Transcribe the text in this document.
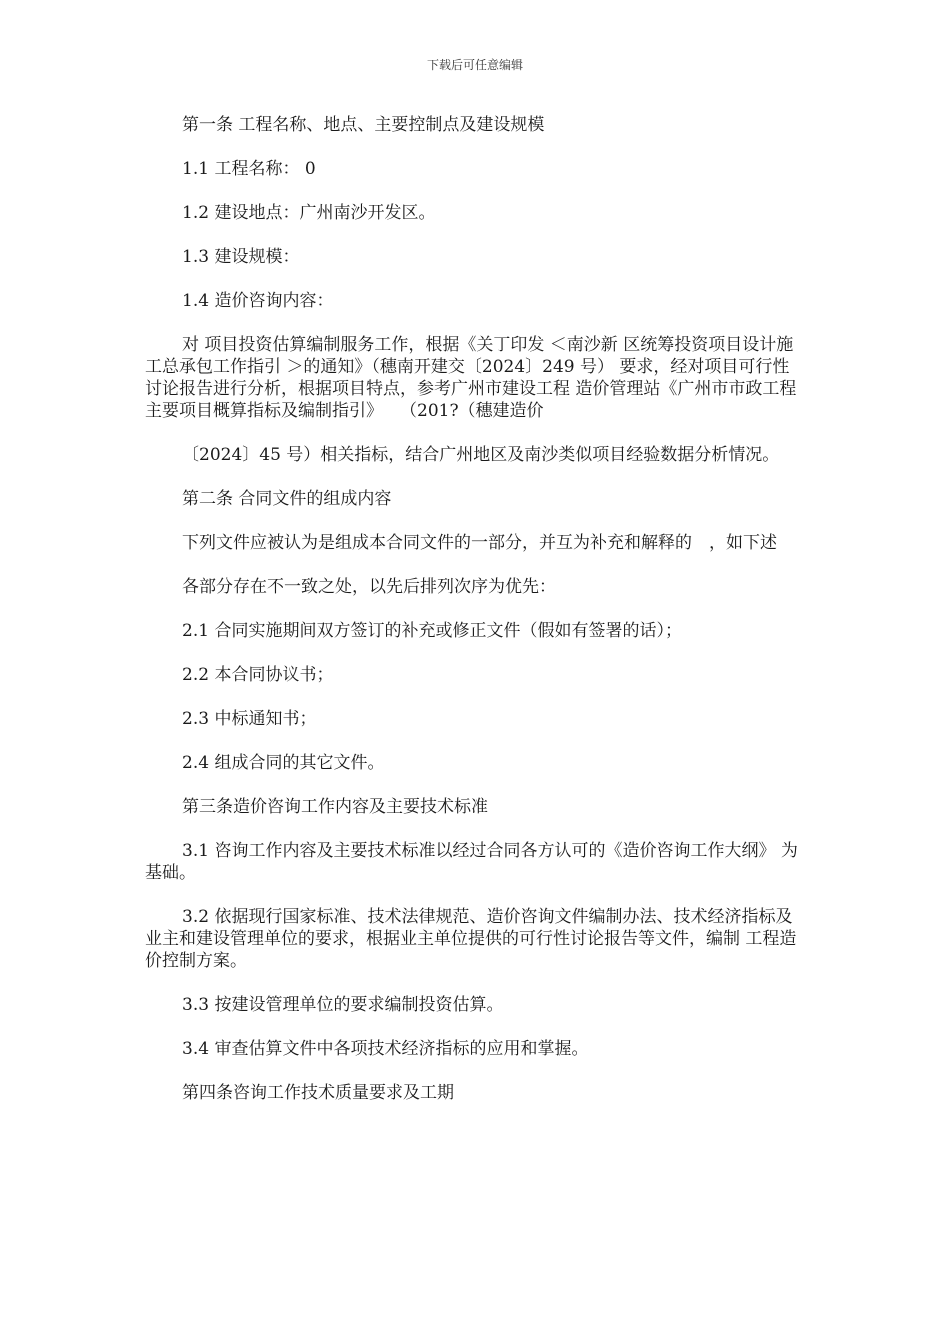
下载后可任意编辑

第一条 工程名称、地点、主要控制点及建设规模

1.1 工程名称： 0

1.2 建设地点：广州南沙开发区。

1.3 建设规模：

1.4 造价咨询内容：

对 项目投资估算编制服务工作，根据《关丁印发 ＜南沙新 区统筹投资项目设计施工总承包工作指引 ＞的通知》（穗南开建交〔2024〕249 号） 要求，经对项目可行性讨论报告进行分析，根据项目特点，参考广州市建设工程 造价管理站《广州市市政工程主要项目概算指标及编制指引》　　（201?（穗建造价

〔2024〕45 号）相关指标，结合广州地区及南沙类似项目经验数据分析情况。

第二条 合同文件的组成内容

下列文件应被认为是组成本合同文件的一部分，并互为补充和解释的　，如下述

各部分存在不一致之处，以先后排列次序为优先：

2.1 合同实施期间双方签订的补充或修正文件（假如有签署的话）；

2.2 本合同协议书；

2.3 中标通知书；

2.4 组成合同的其它文件。

第三条造价咨询工作内容及主要技术标准

3.1 咨询工作内容及主要技术标准以经过合同各方认可的《造价咨询工作大纲》 为基础。

3.2 依据现行国家标准、技术法律规范、造价咨询文件编制办法、技术经济指标及 业主和建设管理单位的要求，根据业主单位提供的可行性讨论报告等文件，编制 工程造价控制方案。

3.3 按建设管理单位的要求编制投资估算。

3.4 审查估算文件中各项技术经济指标的应用和掌握。

第四条咨询工作技术质量要求及工期
